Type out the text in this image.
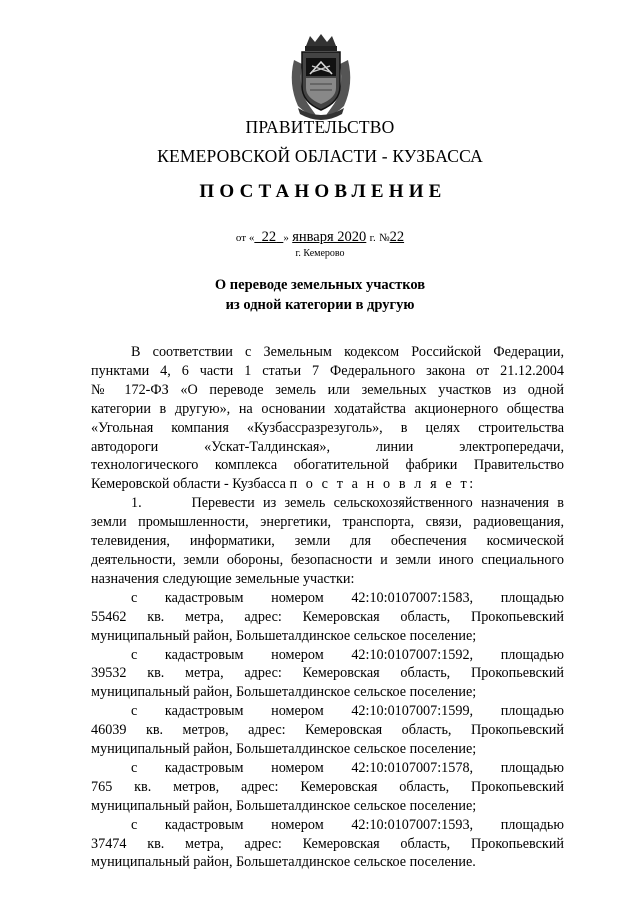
ПРАВИТЕЛЬСТВО
КЕМЕРОВСКОЙ ОБЛАСТИ - КУЗБАССА
ПОСТАНОВЛЕНИЕ
от « 22 » января 2020 г. №22
г. Кемерово
О переводе земельных участков
из одной категории в другую

В соответствии с Земельным кодексом Российской Федерации,

пунктами 4, 6 части 1 статьи 7 Федерального закона от 21.12.2004

№ 172-ФЗ «О переводе земель или земельных участков из одной

категории в другую», на основании ходатайства акционерного общества

«Угольная компания «Кузбассразрезуголь», в целях строительства

автодороги «Ускат-Талдинская», линии электропередачи,

технологического комплекса обогатительной фабрики Правительство

Кемеровской области - Кузбасса п о с т а н о в л я е т:

1.      Перевести из земель сельскохозяйственного назначения в

земли промышленности, энергетики, транспорта, связи, радиовещания,

телевидения, информатики, земли для обеспечения космической

деятельности, земли обороны, безопасности и земли иного специального

назначения следующие земельные участки:

с кадастровым номером 42:10:0107007:1583, площадью

55462 кв. метра, адрес: Кемеровская область, Прокопьевский

муниципальный район, Большеталдинское сельское поселение;

с кадастровым номером 42:10:0107007:1592, площадью

39532 кв. метра, адрес: Кемеровская область, Прокопьевский

муниципальный район, Большеталдинское сельское поселение;

с кадастровым номером 42:10:0107007:1599, площадью

46039 кв. метров, адрес: Кемеровская область, Прокопьевский

муниципальный район, Большеталдинское сельское поселение;

с кадастровым номером 42:10:0107007:1578, площадью

765 кв. метров, адрес: Кемеровская область, Прокопьевский

муниципальный район, Большеталдинское сельское поселение;

с кадастровым номером 42:10:0107007:1593, площадью

37474 кв. метра, адрес: Кемеровская область, Прокопьевский

муниципальный район, Большеталдинское сельское поселение.
